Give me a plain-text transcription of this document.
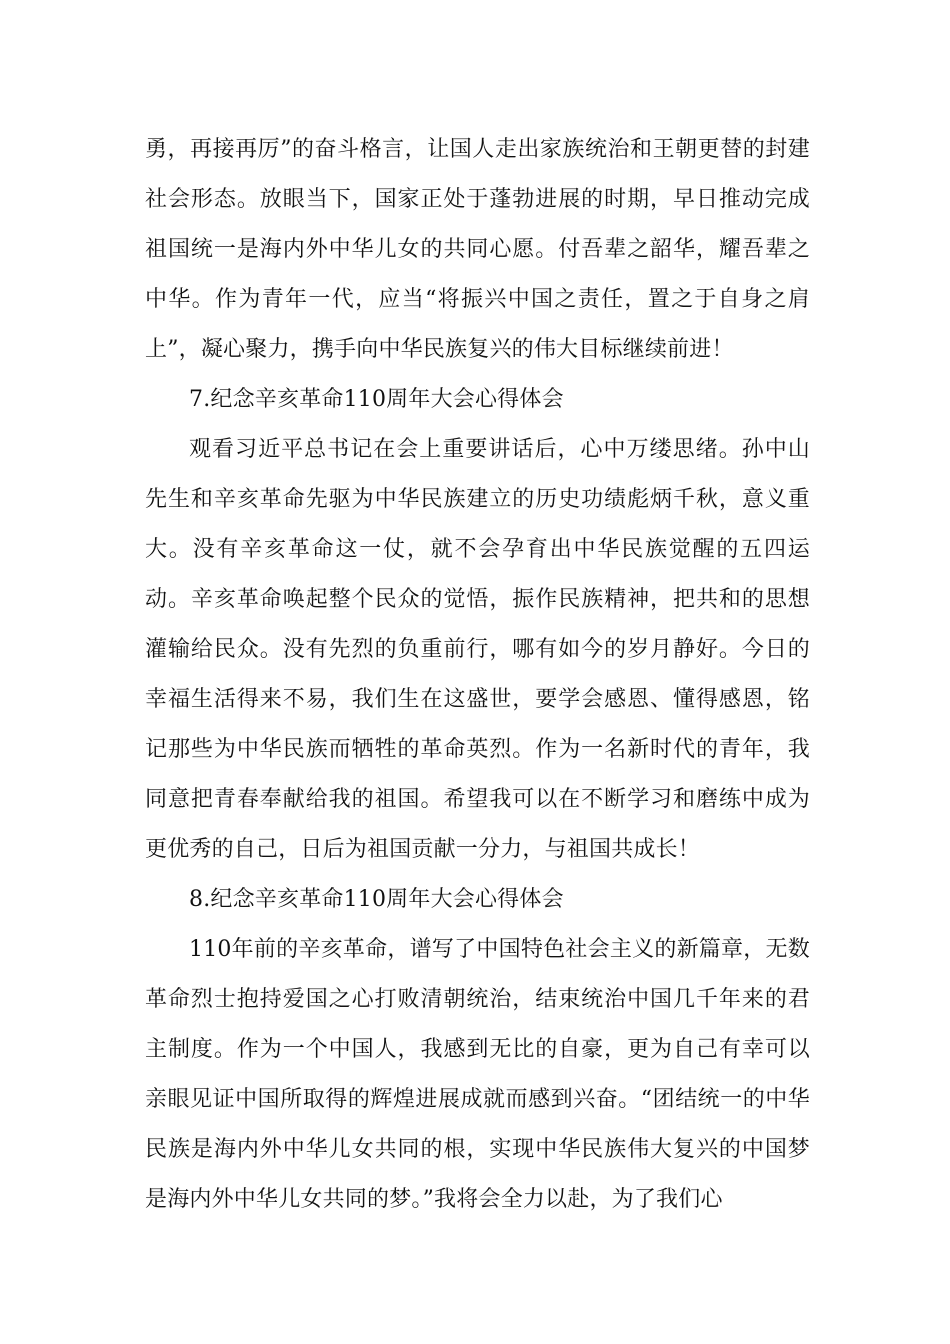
勇，再接再厉”的奋斗格言，让国人走出家族统治和王朝更替的封建社会形态。放眼当下，国家正处于蓬勃进展的时期，早日推动完成祖国统一是海内外中华儿女的共同心愿。付吾辈之韶华，耀吾辈之中华。作为青年一代，应当“将振兴中国之责任，置之于自身之肩上”，凝心聚力，携手向中华民族复兴的伟大目标继续前进！

7.纪念辛亥革命110周年大会心得体会

观看习近平总书记在会上重要讲话后，心中万缕思绪。孙中山先生和辛亥革命先驱为中华民族建立的历史功绩彪炳千秋，意义重大。没有辛亥革命这一仗，就不会孕育出中华民族觉醒的五四运动。辛亥革命唤起整个民众的觉悟，振作民族精神，把共和的思想灌输给民众。没有先烈的负重前行，哪有如今的岁月静好。今日的幸福生活得来不易，我们生在这盛世，要学会感恩、懂得感恩，铭记那些为中华民族而牺牲的革命英烈。作为一名新时代的青年，我同意把青春奉献给我的祖国。希望我可以在不断学习和磨练中成为更优秀的自己，日后为祖国贡献一分力，与祖国共成长！

8.纪念辛亥革命110周年大会心得体会

110年前的辛亥革命，谱写了中国特色社会主义的新篇章，无数革命烈士抱持爱国之心打败清朝统治，结束统治中国几千年来的君主制度。作为一个中国人，我感到无比的自豪，更为自己有幸可以亲眼见证中国所取得的辉煌进展成就而感到兴奋。“团结统一的中华民族是海内外中华儿女共同的根，实现中华民族伟大复兴的中国梦是海内外中华儿女共同的梦。”我将会全力以赴，为了我们心
